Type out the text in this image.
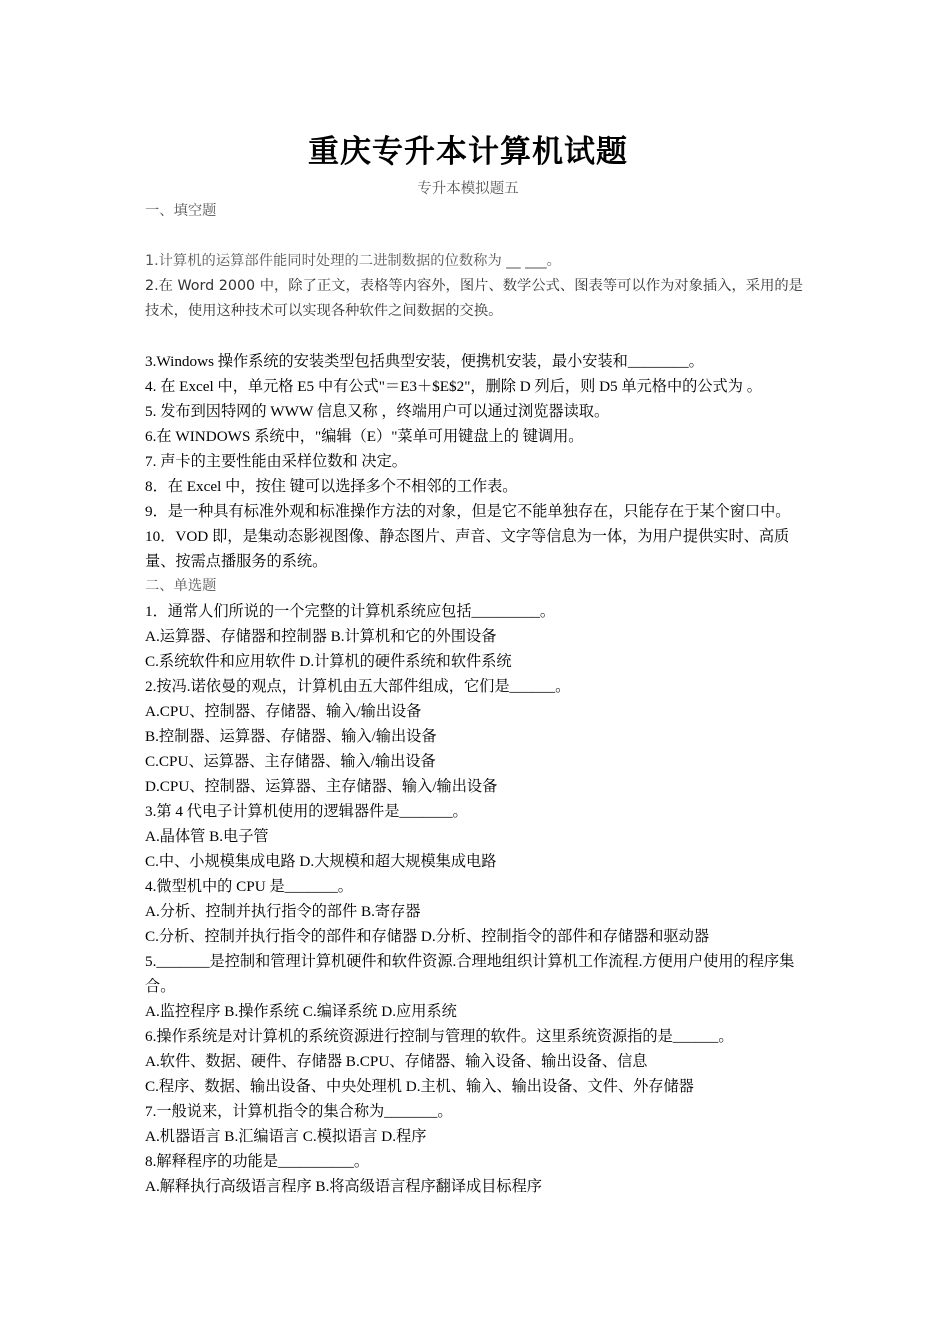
重庆专升本计算机试题
专升本模拟题五
一、填空题
1.计算机的运算部件能同时处理的二进制数据的位数称为 __ ___。
2.在 Word 2000 中，除了正文，表格等内容外，图片、数学公式、图表等可以作为对象插入，采用的是 技术，使用这种技术可以实现各种软件之间数据的交换。
3.Windows 操作系统的安装类型包括典型安装，便携机安装，最小安装和________。
4. 在 Excel 中，单元格 E5 中有公式"＝E3＋$E$2"，删除 D 列后，则 D5 单元格中的公式为 。
5. 发布到因特网的 WWW 信息又称 ，终端用户可以通过浏览器读取。
6.在 WINDOWS 系统中，"编辑（E）"菜单可用键盘上的 键调用。
7. 声卡的主要性能由采样位数和 决定。
8．在 Excel 中，按住 键可以选择多个不相邻的工作表。
9．是一种具有标准外观和标准操作方法的对象，但是它不能单独存在，只能存在于某个窗口中。
10．VOD 即，是集动态影视图像、静态图片、声音、文字等信息为一体，为用户提供实时、高质量、按需点播服务的系统。
二、单选题
1．通常人们所说的一个完整的计算机系统应包括_________。
A.运算器、存储器和控制器 B.计算机和它的外围设备
C.系统软件和应用软件 D.计算机的硬件系统和软件系统
2.按冯.诺依曼的观点，计算机由五大部件组成，它们是______。
A.CPU、控制器、存储器、输入/输出设备
B.控制器、运算器、存储器、输入/输出设备
C.CPU、运算器、主存储器、输入/输出设备
D.CPU、控制器、运算器、主存储器、输入/输出设备
3.第 4 代电子计算机使用的逻辑器件是_______。
A.晶体管 B.电子管
C.中、小规模集成电路 D.大规模和超大规模集成电路
4.微型机中的 CPU 是_______。
A.分析、控制并执行指令的部件 B.寄存器
C.分析、控制并执行指令的部件和存储器 D.分析、控制指令的部件和存储器和驱动器
5._______是控制和管理计算机硬件和软件资源.合理地组织计算机工作流程.方便用户使用的程序集合。
A.监控程序 B.操作系统 C.编译系统 D.应用系统
6.操作系统是对计算机的系统资源进行控制与管理的软件。这里系统资源指的是______。
A.软件、数据、硬件、存储器 B.CPU、存储器、输入设备、输出设备、信息
C.程序、数据、输出设备、中央处理机 D.主机、输入、输出设备、文件、外存储器
7.一般说来，计算机指令的集合称为_______。
A.机器语言 B.汇编语言 C.模拟语言 D.程序
8.解释程序的功能是__________。
A.解释执行高级语言程序 B.将高级语言程序翻译成目标程序
